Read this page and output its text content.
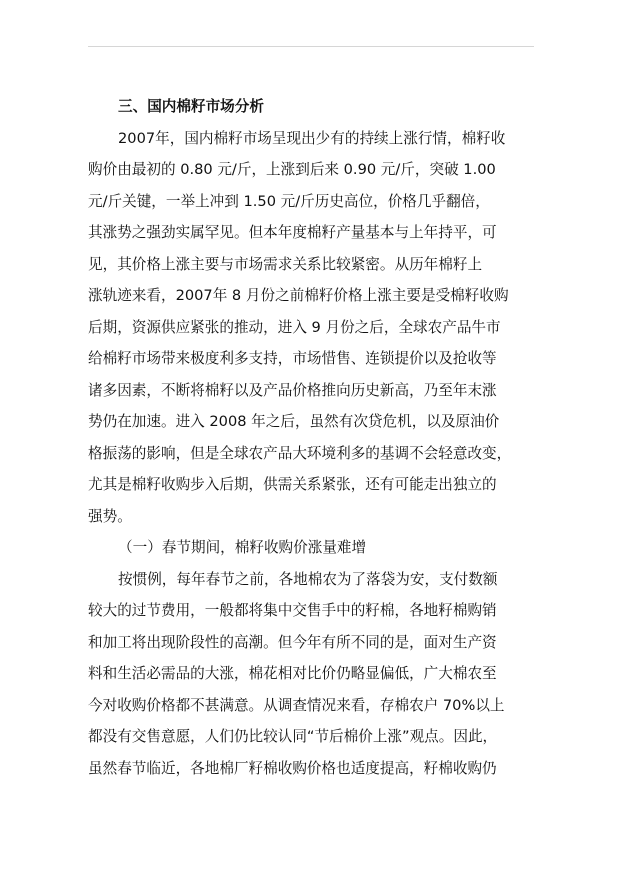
三、国内棉籽市场分析
2007年，国内棉籽市场呈现出少有的持续上涨行情，棉籽收
购价由最初的 0.80 元/斤，上涨到后来 0.90 元/斤，突破 1.00
元/斤关键，一举上冲到 1.50 元/斤历史高位，价格几乎翻倍，
其涨势之强劲实属罕见。但本年度棉籽产量基本与上年持平，可
见，其价格上涨主要与市场需求关系比较紧密。从历年棉籽上
涨轨迹来看，2007年 8 月份之前棉籽价格上涨主要是受棉籽收购
后期，资源供应紧张的推动，进入 9 月份之后，全球农产品牛市
给棉籽市场带来极度利多支持，市场惜售、连锁提价以及抢收等
诸多因素，不断将棉籽以及产品价格推向历史新高，乃至年末涨
势仍在加速。进入 2008 年之后，虽然有次贷危机，以及原油价
格振荡的影响，但是全球农产品大环境利多的基调不会轻意改变，
尤其是棉籽收购步入后期，供需关系紧张，还有可能走出独立的
强势。
（一）春节期间，棉籽收购价涨量难增
按惯例，每年春节之前，各地棉农为了落袋为安，支付数额
较大的过节费用，一般都将集中交售手中的籽棉，各地籽棉购销
和加工将出现阶段性的高潮。但今年有所不同的是，面对生产资
料和生活必需品的大涨，棉花相对比价仍略显偏低，广大棉农至
今对收购价格都不甚满意。从调查情况来看，存棉农户 70%以上
都没有交售意愿，人们仍比较认同“节后棉价上涨”观点。因此，
虽然春节临近，各地棉厂籽棉收购价格也适度提高，籽棉收购仍
